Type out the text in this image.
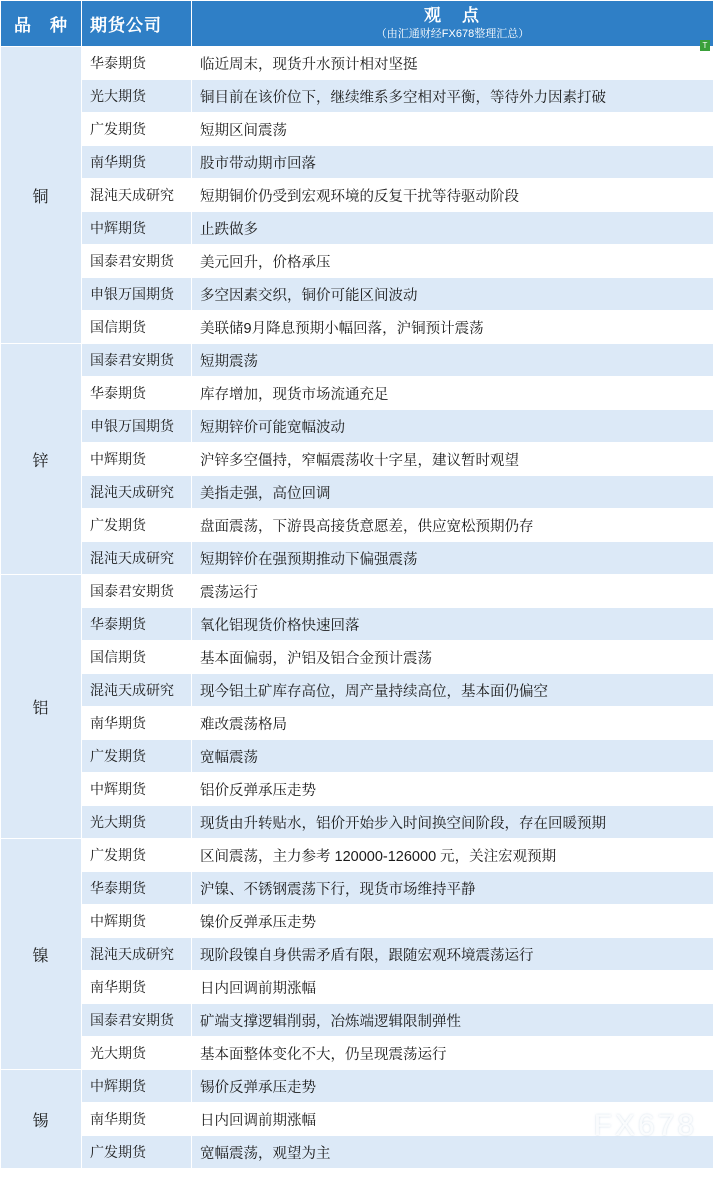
T
FX678
品　种	期货公司	观　点
（由汇通财经FX678整理汇总）

铜	华泰期货	临近周末，现货升水预计相对坚挺
	光大期货	铜目前在该价位下，继续维系多空相对平衡，等待外力因素打破
	广发期货	短期区间震荡
	南华期货	股市带动期市回落
	混沌天成研究	短期铜价仍受到宏观环境的反复干扰等待驱动阶段
	中辉期货	止跌做多
	国泰君安期货	美元回升，价格承压
	申银万国期货	多空因素交织，铜价可能区间波动
	国信期货	美联储9月降息预期小幅回落，沪铜预计震荡
锌	国泰君安期货	短期震荡
	华泰期货	库存增加，现货市场流通充足
	申银万国期货	短期锌价可能宽幅波动
	中辉期货	沪锌多空僵持，窄幅震荡收十字星，建议暂时观望
	混沌天成研究	美指走强，高位回调
	广发期货	盘面震荡，下游畏高接货意愿差，供应宽松预期仍存
	混沌天成研究	短期锌价在强预期推动下偏强震荡
铝	国泰君安期货	震荡运行
	华泰期货	氧化铝现货价格快速回落
	国信期货	基本面偏弱，沪铝及铝合金预计震荡
	混沌天成研究	现今铝土矿库存高位，周产量持续高位，基本面仍偏空
	南华期货	难改震荡格局
	广发期货	宽幅震荡
	中辉期货	铝价反弹承压走势
	光大期货	现货由升转贴水，铝价开始步入时间换空间阶段，存在回暖预期
镍	广发期货	区间震荡，主力参考 120000-126000 元，关注宏观预期
	华泰期货	沪镍、不锈钢震荡下行，现货市场维持平静
	中辉期货	镍价反弹承压走势
	混沌天成研究	现阶段镍自身供需矛盾有限，跟随宏观环境震荡运行
	南华期货	日内回调前期涨幅
	国泰君安期货	矿端支撑逻辑削弱，冶炼端逻辑限制弹性
	光大期货	基本面整体变化不大，仍呈现震荡运行
锡	中辉期货	锡价反弹承压走势
	南华期货	日内回调前期涨幅
	广发期货	宽幅震荡，观望为主
